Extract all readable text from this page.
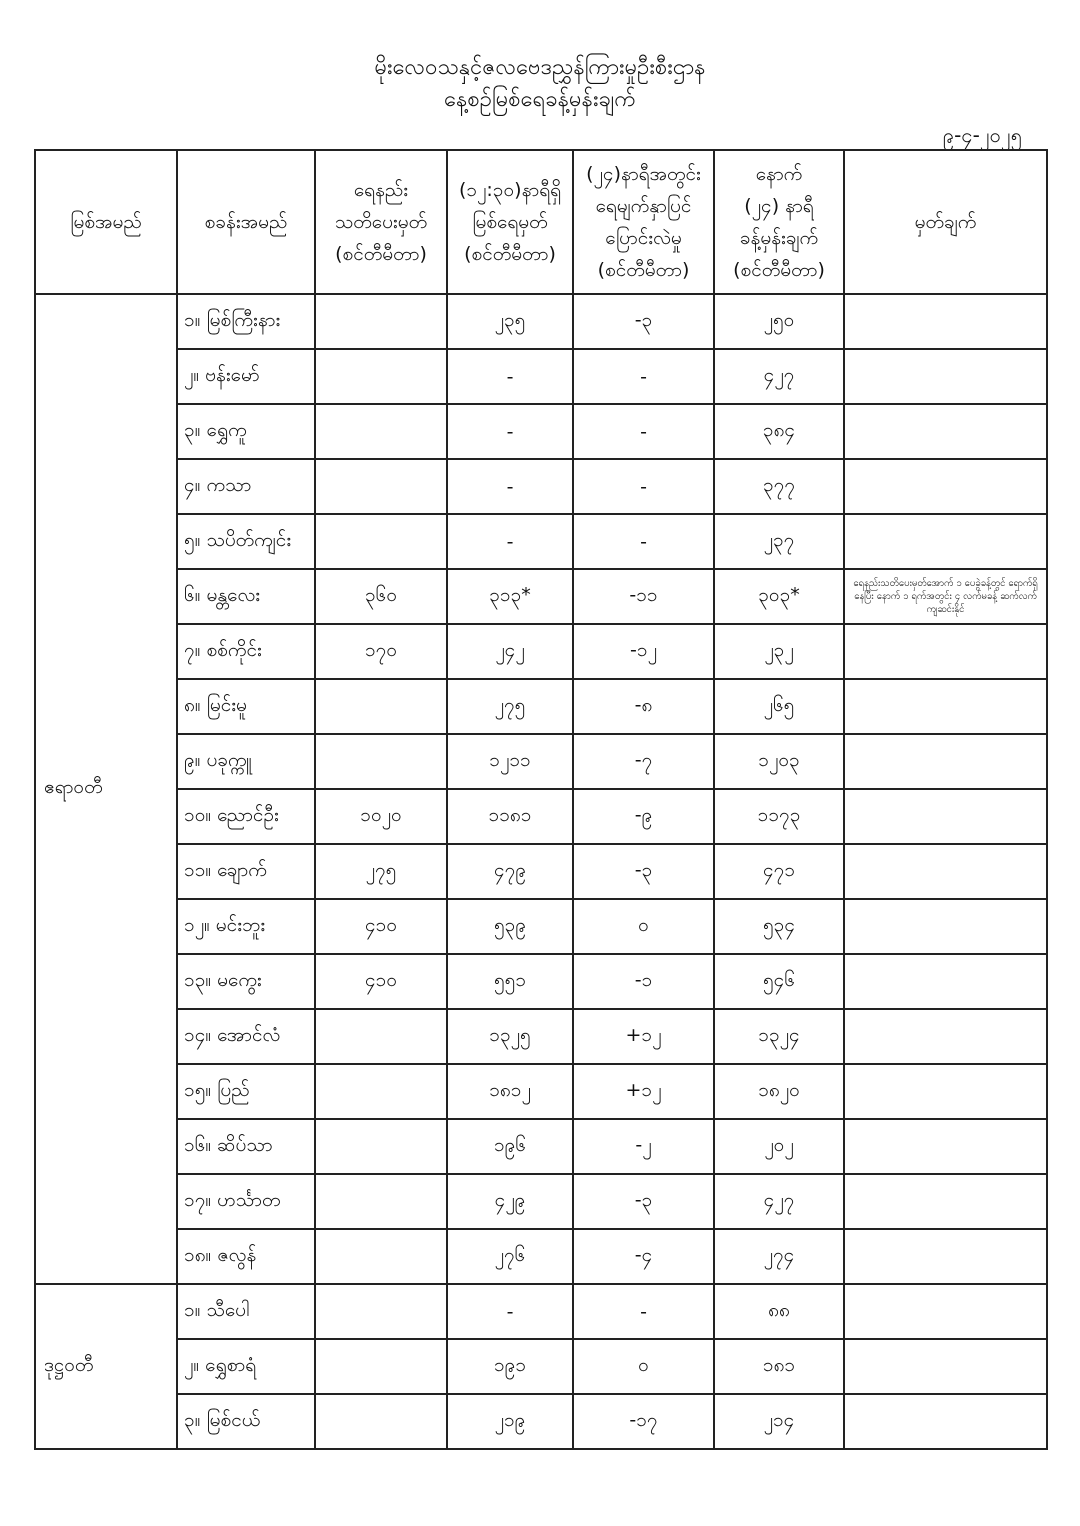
မိုးလေဝသနှင့်ဇလဗေဒညွှန်ကြားမှုဦးစီးဌာန
နေ့စဉ်မြစ်ရေခန့်မှန်းချက်
၉-၄-၂၀၂၅
မြစ်အမည်	စခန်းအမည်	ရေနည်း
သတိပေးမှတ်
(စင်တီမီတာ)	(၁၂:၃၀)နာရီရှိ
မြစ်ရေမှတ်
(စင်တီမီတာ)	(၂၄)နာရီအတွင်း
ရေမျက်နှာပြင်
ပြောင်းလဲမှု
(စင်တီမီတာ)	နောက်
(၂၄) နာရီ
ခန့်မှန်းချက်
(စင်တီမီတာ)	မှတ်ချက်

ဧရာဝတီ	၁။ မြစ်ကြီးနား		၂၃၅	-၃	၂၅၀	
	၂။ ဗန်းမော်		-	-	၄၂၇	
	၃။ ရွှေကူ		-	-	၃၈၄	
	၄။ ကသာ		-	-	၃၇၇	
	၅။ သပိတ်ကျင်း		-	-	၂၃၇	
	၆။ မန္တလေး	၃၆၀	၃၁၃*	-၁၁	၃၀၃*	ရေနည်းသတိပေးမှတ်အောက် ၁ ပေခွဲခန့်တွင် ရောက်ရှိနေပြီး နောက် ၁ ရက်အတွင်း ၄ လက်မခန့် ဆက်လက်ကျဆင်းနိုင်
	၇။ စစ်ကိုင်း	၁၇၀	၂၄၂	-၁၂	၂၃၂	
	၈။ မြင်းမူ		၂၇၅	-၈	၂၆၅	
	၉။ ပခုက္ကူ		၁၂၁၁	-၇	၁၂၀၃	
	၁၀။ ညောင်ဦး	၁၀၂၀	၁၁၈၁	-၉	၁၁၇၃	
	၁၁။ ချောက်	၂၇၅	၄၇၉	-၃	၄၇၁	
	၁၂။ မင်းဘူး	၄၁၀	၅၃၉	၀	၅၃၄	
	၁၃။ မကွေး	၄၁၀	၅၅၁	-၁	၅၄၆	
	၁၄။ အောင်လံ		၁၃၂၅	+၁၂	၁၃၂၄	
	၁၅။ ပြည်		၁၈၁၂	+၁၂	၁၈၂၀	
	၁၆။ ဆိပ်သာ		၁၉၆	-၂	၂၀၂	
	၁၇။ ဟင်္သာတ		၄၂၉	-၃	၄၂၇	
	၁၈။ ဇလွန်		၂၇၆	-၄	၂၇၄	
ဒုဋ္ဌဝတီ	၁။ သီပေါ		-	-	၈၈	
	၂။ ရွှေစာရံ		၁၉၁	၀	၁၈၁	
	၃။ မြစ်ငယ်		၂၁၉	-၁၇	၂၁၄	
